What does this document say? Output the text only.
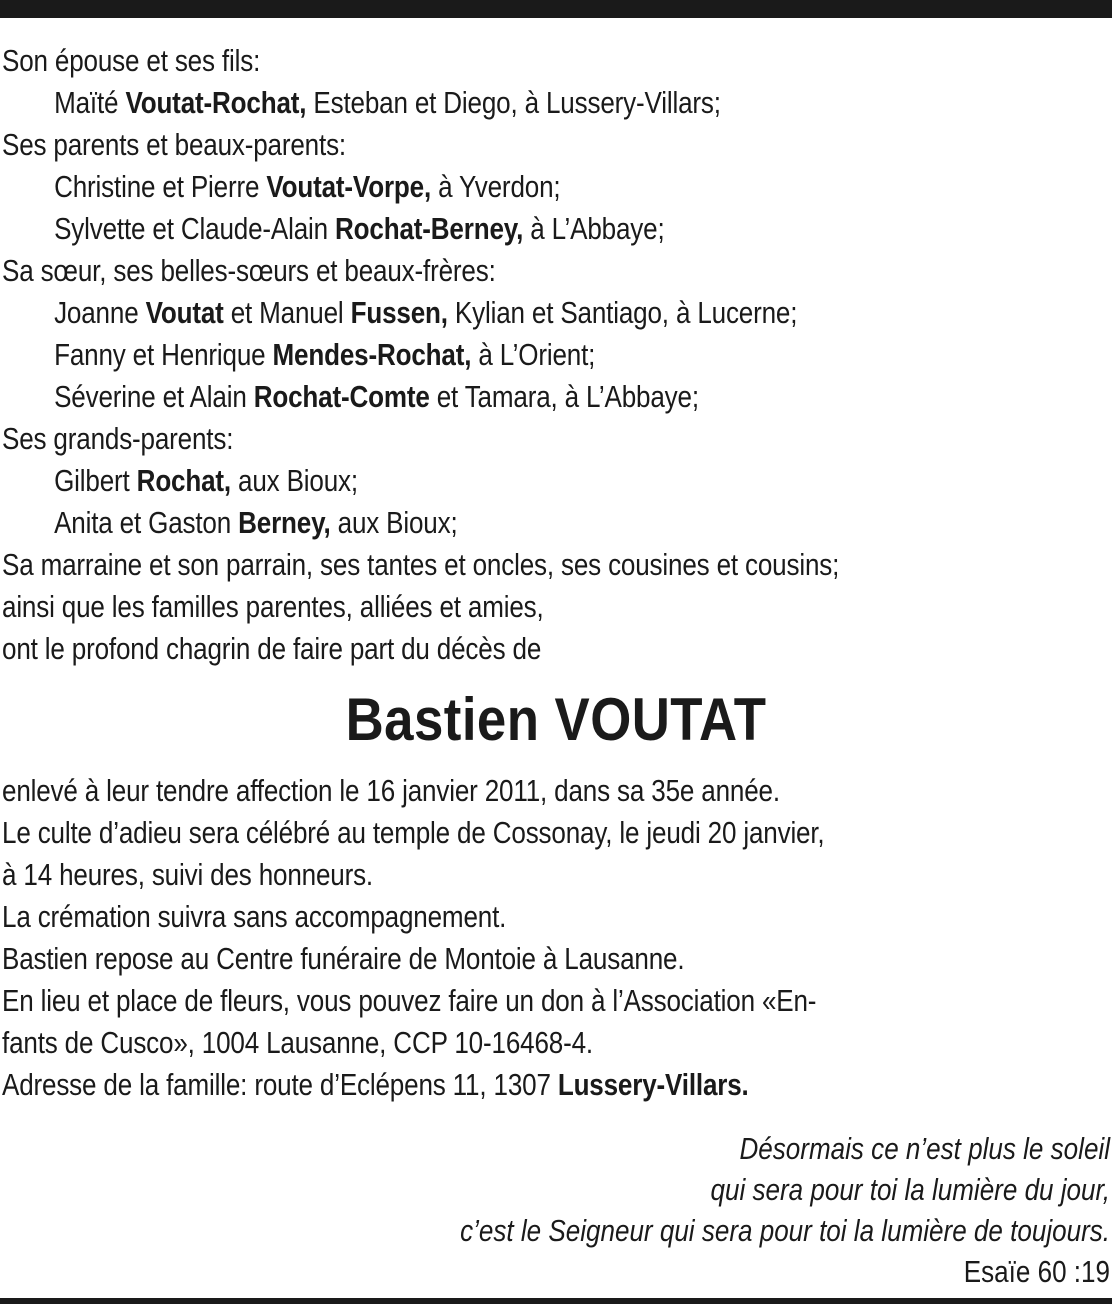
Son épouse et ses fils:
Maïté Voutat-Rochat, Esteban et Diego, à Lussery-Villars;
Ses parents et beaux-parents:
Christine et Pierre Voutat-Vorpe, à Yverdon;
Sylvette et Claude-Alain Rochat-Berney, à L’Abbaye;
Sa sœur, ses belles-sœurs et beaux-frères:
Joanne Voutat et Manuel Fussen, Kylian et Santiago, à Lucerne;
Fanny et Henrique Mendes-Rochat, à L’Orient;
Séverine et Alain Rochat-Comte et Tamara, à L’Abbaye;
Ses grands-parents:
Gilbert Rochat, aux Bioux;
Anita et Gaston Berney, aux Bioux;
Sa marraine et son parrain, ses tantes et oncles, ses cousines et cousins;
ainsi que les familles parentes, alliées et amies,
ont le profond chagrin de faire part du décès de
Bastien VOUTAT
enlevé à leur tendre affection le 16 janvier 2011, dans sa 35e année.
Le culte d’adieu sera célébré au temple de Cossonay, le jeudi 20 janvier,
à 14 heures, suivi des honneurs.
La crémation suivra sans accompagnement.
Bastien repose au Centre funéraire de Montoie à Lausanne.
En lieu et place de fleurs, vous pouvez faire un don à l’Association «En-
fants de Cusco», 1004 Lausanne, CCP 10-16468-4.
Adresse de la famille: route d’Eclépens 11, 1307 Lussery-Villars.
Désormais ce n’est plus le soleil
qui sera pour toi la lumière du jour,
c’est le Seigneur qui sera pour toi la lumière de toujours.
Esaïe 60 :19
